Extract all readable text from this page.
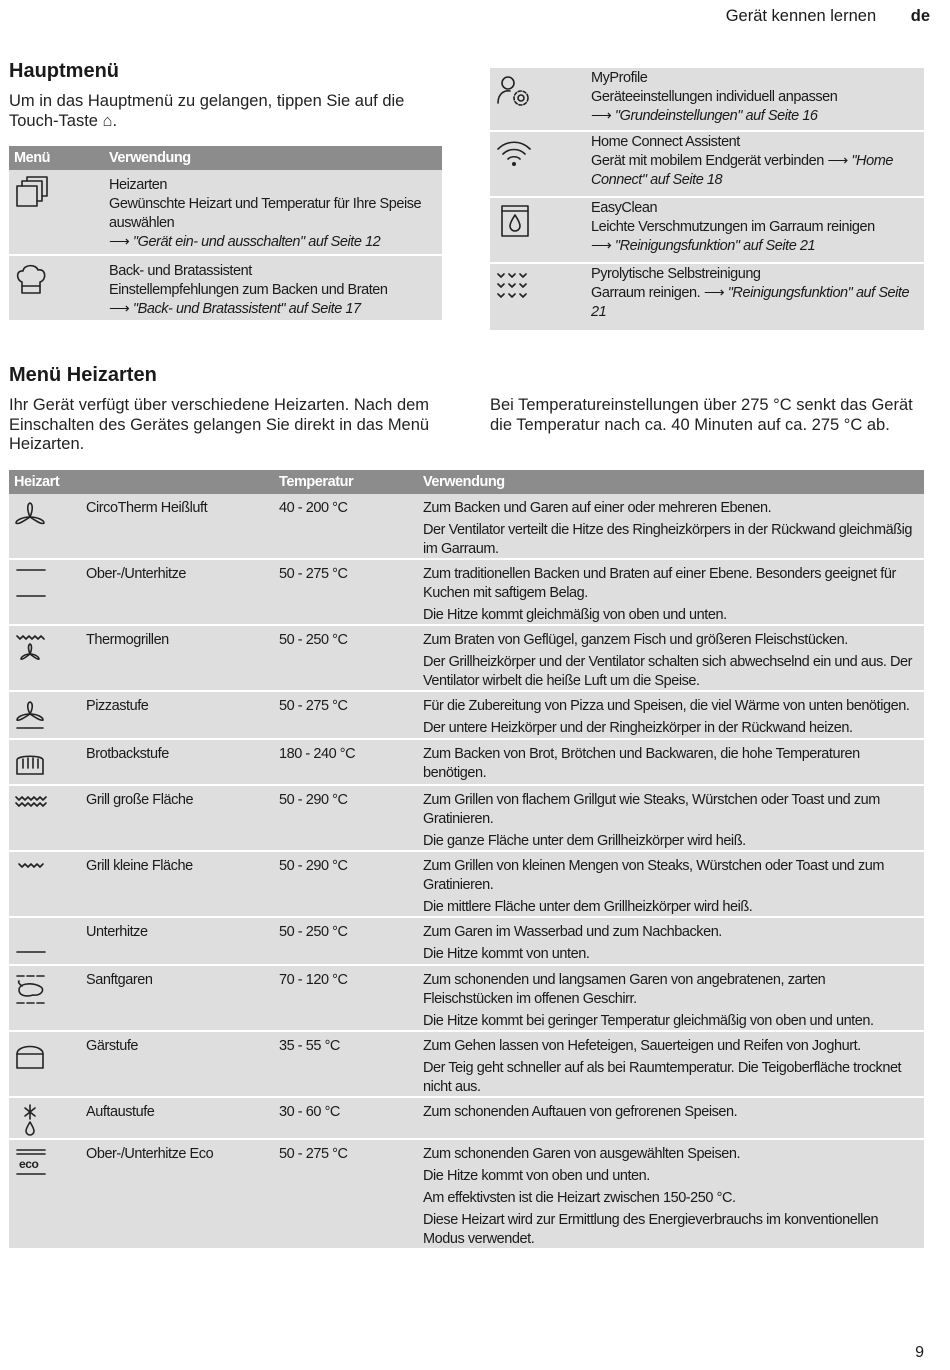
Gerät kennen lernen de
Hauptmenü
Um in das Hauptmenü zu gelangen, tippen Sie auf die Touch-Taste ⌂.
Menü	Verwendung
Heizarten
Gewünschte Heizart und Temperatur für Ihre Speise auswählen
⟶ "Gerät ein- und ausschalten" auf Seite 12
Back- und Bratassistent
Einstellempfehlungen zum Backen und Braten
⟶ "Back- und Bratassistent" auf Seite 17
MyProfile
Geräteeinstellungen individuell anpassen
⟶ "Grundeinstellungen" auf Seite 16
Home Connect Assistent
Gerät mit mobilem Endgerät verbinden ⟶ "Home Connect" auf Seite 18
EasyClean
Leichte Verschmutzungen im Garraum reinigen
⟶ "Reinigungsfunktion" auf Seite 21
Pyrolytische Selbstreinigung
Garraum reinigen. ⟶ "Reinigungsfunktion" auf Seite 21
Menü Heizarten
Ihr Gerät verfügt über verschiedene Heizarten. Nach dem Einschalten des Gerätes gelangen Sie direkt in das Menü Heizarten.
Bei Temperatureinstellungen über 275 °C senkt das Gerät die Temperatur nach ca. 40 Minuten auf ca. 275 °C ab.
Heizart	Temperatur	Verwendung
CircoTherm Heißluft	40 - 200 °C	Zum Backen und Garen auf einer oder mehreren Ebenen.

Der Ventilator verteilt die Hitze des Ringheizkörpers in der Rückwand gleichmäßig im Garraum.

Ober-/Unterhitze	50 - 275 °C	Zum traditionellen Backen und Braten auf einer Ebene. Besonders geeignet für Kuchen mit saftigem Belag.

Die Hitze kommt gleichmäßig von oben und unten.

Thermogrillen	50 - 250 °C	Zum Braten von Geflügel, ganzem Fisch und größeren Fleischstücken.

Der Grillheizkörper und der Ventilator schalten sich abwechselnd ein und aus. Der Ventilator wirbelt die heiße Luft um die Speise.

Pizzastufe	50 - 275 °C	Für die Zubereitung von Pizza und Speisen, die viel Wärme von unten benötigen.

Der untere Heizkörper und der Ringheizkörper in der Rückwand heizen.

Brotbackstufe	180 - 240 °C	Zum Backen von Brot, Brötchen und Backwaren, die hohe Temperaturen benötigen.

Grill große Fläche	50 - 290 °C	Zum Grillen von flachem Grillgut wie Steaks, Würstchen oder Toast und zum Gratinieren.

Die ganze Fläche unter dem Grillheizkörper wird heiß.

Grill kleine Fläche	50 - 290 °C	Zum Grillen von kleinen Mengen von Steaks, Würstchen oder Toast und zum Gratinieren.

Die mittlere Fläche unter dem Grillheizkörper wird heiß.

Unterhitze	50 - 250 °C	Zum Garen im Wasserbad und zum Nachbacken.

Die Hitze kommt von unten.

Sanftgaren	70 - 120 °C	Zum schonenden und langsamen Garen von angebratenen, zarten Fleischstücken im offenen Geschirr.

Die Hitze kommt bei geringer Temperatur gleichmäßig von oben und unten.

Gärstufe	35 - 55 °C	Zum Gehen lassen von Hefeteigen, Sauerteigen und Reifen von Joghurt.

Der Teig geht schneller auf als bei Raumtemperatur. Die Teigoberfläche trocknet nicht aus.

Auftaustufe	30 - 60 °C	Zum schonenden Auftauen von gefrorenen Speisen.

eco
Ober-/Unterhitze Eco	50 - 275 °C	Zum schonenden Garen von ausgewählten Speisen.

Die Hitze kommt von oben und unten.

Am effektivsten ist die Heizart zwischen 150-250 °C.

Diese Heizart wird zur Ermittlung des Energieverbrauchs im konventionellen Modus verwendet.

9
